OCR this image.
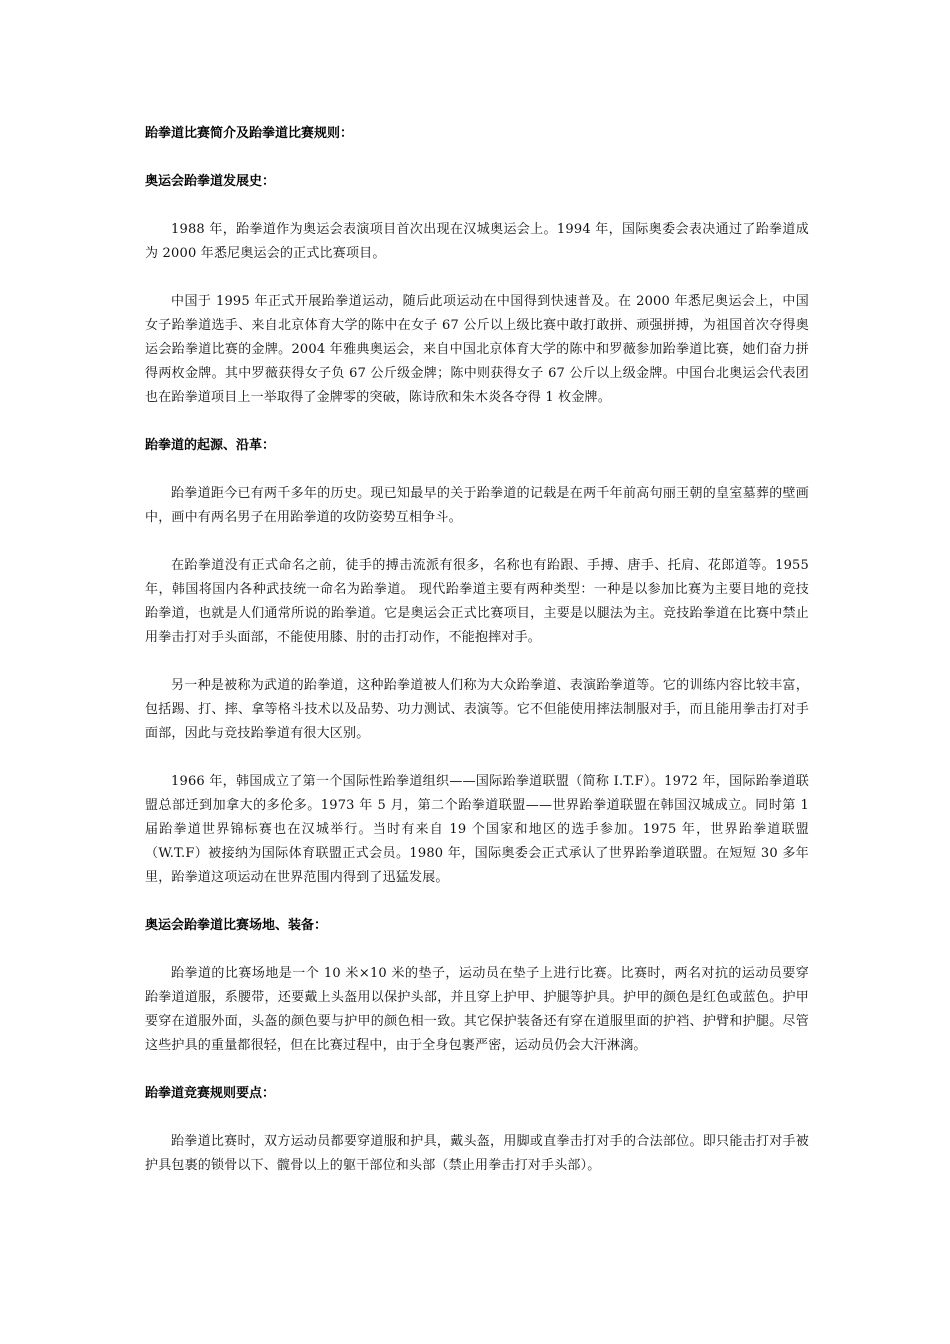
跆拳道比赛简介及跆拳道比赛规则：

奥运会跆拳道发展史：

1988 年，跆拳道作为奥运会表演项目首次出现在汉城奥运会上。1994 年，国际奥委会表决通过了跆拳道成为 2000 年悉尼奥运会的正式比赛项目。

中国于 1995 年正式开展跆拳道运动，随后此项运动在中国得到快速普及。在 2000 年悉尼奥运会上，中国女子跆拳道选手、来自北京体育大学的陈中在女子 67 公斤以上级比赛中敢打敢拼、顽强拼搏，为祖国首次夺得奥运会跆拳道比赛的金牌。2004 年雅典奥运会，来自中国北京体育大学的陈中和罗薇参加跆拳道比赛，她们奋力拼得两枚金牌。其中罗薇获得女子负 67 公斤级金牌；陈中则获得女子 67 公斤以上级金牌。中国台北奥运会代表团也在跆拳道项目上一举取得了金牌零的突破，陈诗欣和朱木炎各夺得 1 枚金牌。

跆拳道的起源、沿革：

跆拳道距今已有两千多年的历史。现已知最早的关于跆拳道的记载是在两千年前高句丽王朝的皇室墓葬的壁画中，画中有两名男子在用跆拳道的攻防姿势互相争斗。

在跆拳道没有正式命名之前，徒手的搏击流派有很多，名称也有跆跟、手搏、唐手、托肩、花郎道等。1955 年，韩国将国内各种武技统一命名为跆拳道。 现代跆拳道主要有两种类型：一种是以参加比赛为主要目地的竞技跆拳道，也就是人们通常所说的跆拳道。它是奥运会正式比赛项目，主要是以腿法为主。竞技跆拳道在比赛中禁止用拳击打对手头面部，不能使用膝、肘的击打动作，不能抱摔对手。

另一种是被称为武道的跆拳道，这种跆拳道被人们称为大众跆拳道、表演跆拳道等。它的训练内容比较丰富，包括踢、打、摔、拿等格斗技术以及品势、功力测试、表演等。它不但能使用摔法制服对手，而且能用拳击打对手面部，因此与竞技跆拳道有很大区别。

1966 年，韩国成立了第一个国际性跆拳道组织——国际跆拳道联盟（简称 I.T.F）。1972 年，国际跆拳道联盟总部迁到加拿大的多伦多。1973 年 5 月，第二个跆拳道联盟——世界跆拳道联盟在韩国汉城成立。同时第 1 届跆拳道世界锦标赛也在汉城举行。当时有来自 19 个国家和地区的选手参加。1975 年，世界跆拳道联盟（W.T.F）被接纳为国际体育联盟正式会员。1980 年，国际奥委会正式承认了世界跆拳道联盟。在短短 30 多年里，跆拳道这项运动在世界范围内得到了迅猛发展。

奥运会跆拳道比赛场地、装备：

跆拳道的比赛场地是一个 10 米×10 米的垫子，运动员在垫子上进行比赛。比赛时，两名对抗的运动员要穿跆拳道道服，系腰带，还要戴上头盔用以保护头部，并且穿上护甲、护腿等护具。护甲的颜色是红色或蓝色。护甲要穿在道服外面，头盔的颜色要与护甲的颜色相一致。其它保护装备还有穿在道服里面的护裆、护臂和护腿。尽管这些护具的重量都很轻，但在比赛过程中，由于全身包裹严密，运动员仍会大汗淋漓。

跆拳道竞赛规则要点：

跆拳道比赛时，双方运动员都要穿道服和护具，戴头盔，用脚或直拳击打对手的合法部位。即只能击打对手被护具包裹的锁骨以下、髋骨以上的躯干部位和头部（禁止用拳击打对手头部）。
